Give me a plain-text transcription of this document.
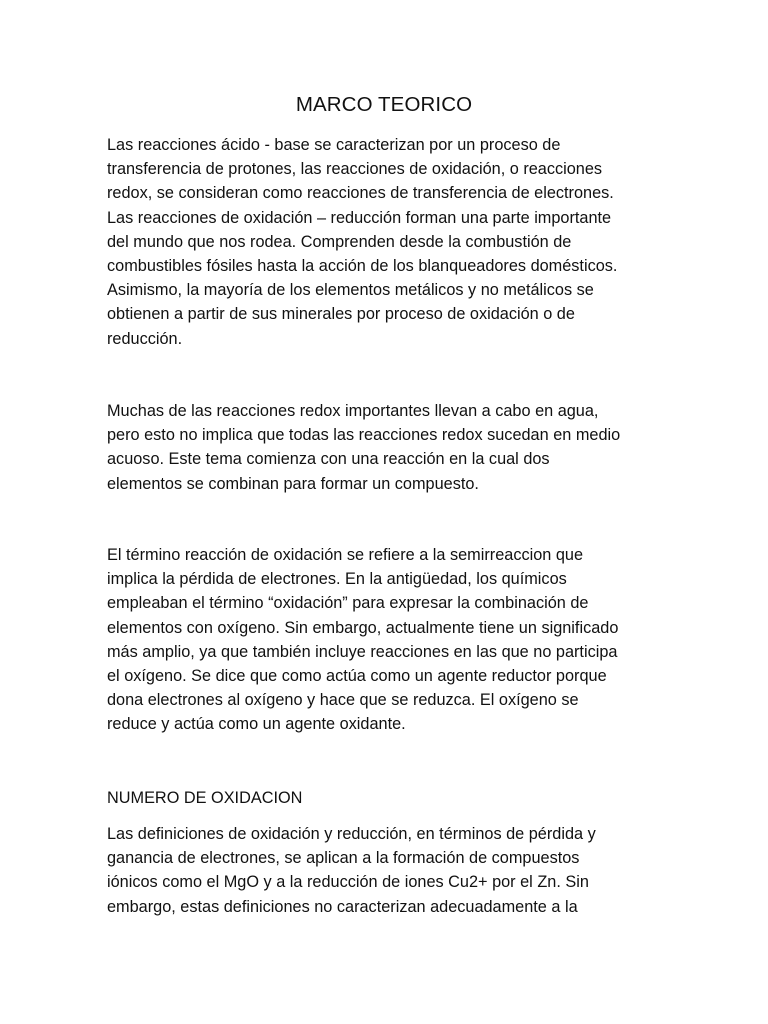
MARCO TEORICO
Las reacciones ácido - base se caracterizan por un proceso de
transferencia de protones, las reacciones de oxidación, o reacciones
redox, se consideran como reacciones de transferencia de electrones.
Las reacciones de oxidación – reducción forman una parte importante
del mundo que nos rodea. Comprenden desde la combustión de
combustibles fósiles hasta la acción de los blanqueadores domésticos.
Asimismo, la mayoría de los elementos metálicos y no metálicos se
obtienen a partir de sus minerales por proceso de oxidación o de
reducción.
Muchas de las reacciones redox importantes llevan a cabo en agua,
pero esto no implica que todas las reacciones redox sucedan en medio
acuoso. Este tema comienza con una reacción en la cual dos
elementos se combinan para formar un compuesto.
El término reacción de oxidación se refiere a la semirreaccion que
implica la pérdida de electrones. En la antigüedad, los químicos
empleaban el término “oxidación” para expresar la combinación de
elementos con oxígeno. Sin embargo, actualmente tiene un significado
más amplio, ya que también incluye reacciones en las que no participa
el oxígeno. Se dice que como actúa como un agente reductor porque
dona electrones al oxígeno y hace que se reduzca. El oxígeno se
reduce y actúa como un agente oxidante.
NUMERO DE OXIDACION
Las definiciones de oxidación y reducción, en términos de pérdida y
ganancia de electrones, se aplican a la formación de compuestos
iónicos como el MgO y a la reducción de iones Cu2+ por el Zn. Sin
embargo, estas definiciones no caracterizan adecuadamente a la
